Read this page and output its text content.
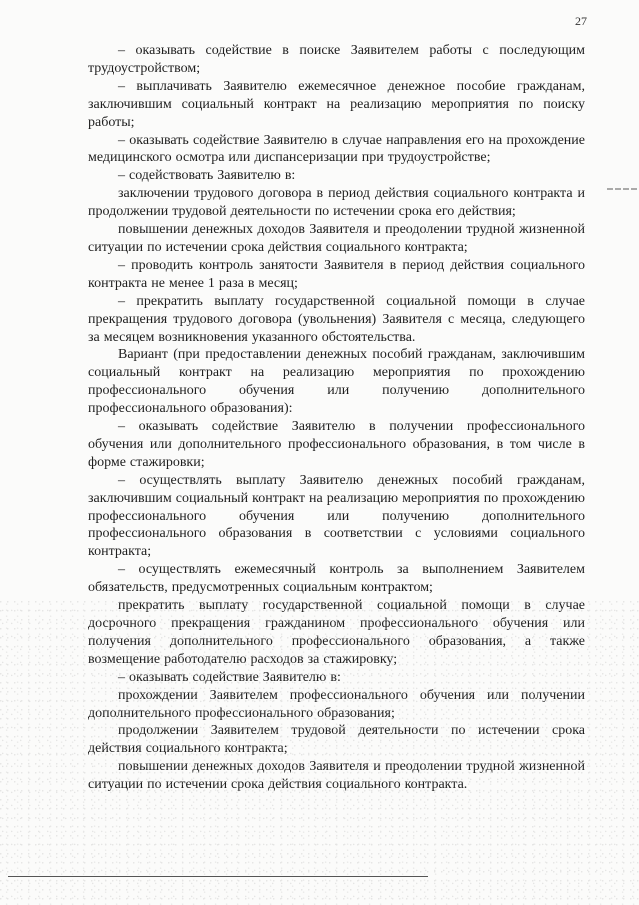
27

– оказывать содействие в поиске Заявителем работы с последующим трудоустройством;

– выплачивать Заявителю ежемесячное денежное пособие гражданам, заключившим социальный контракт на реализацию мероприятия по поиску работы;

– оказывать содействие Заявителю в случае направления его на прохождение медицинского осмотра или диспансеризации при трудоустройстве;

– содействовать Заявителю в:

заключении трудового договора в период действия социального контракта и продолжении трудовой деятельности по истечении срока его действия;

повышении денежных доходов Заявителя и преодолении трудной жизненной ситуации по истечении срока действия социального контракта;

– проводить контроль занятости Заявителя в период действия социального контракта не менее 1 раза в месяц;

– прекратить выплату государственной социальной помощи в случае прекращения трудового договора (увольнения) Заявителя с месяца, следующего за месяцем возникновения указанного обстоятельства.

Вариант (при предоставлении денежных пособий гражданам, заключившим социальный контракт на реализацию мероприятия по прохождению профессионального обучения или получению дополнительного профессионального образования):

– оказывать содействие Заявителю в получении профессионального обучения или дополнительного профессионального образования, в том числе в форме стажировки;

– осуществлять выплату Заявителю денежных пособий гражданам, заключившим социальный контракт на реализацию мероприятия по прохождению профессионального обучения или получению дополнительного профессионального образования в соответствии с условиями социального контракта;

– осуществлять ежемесячный контроль за выполнением Заявителем обязательств, предусмотренных социальным контрактом;

прекратить выплату государственной социальной помощи в случае досрочного прекращения гражданином профессионального обучения или получения дополнительного профессионального образования, а также возмещение работодателю расходов за стажировку;

– оказывать содействие Заявителю в:

прохождении Заявителем профессионального обучения или получении дополнительного профессионального образования;

продолжении Заявителем трудовой деятельности по истечении срока действия социального контракта;

повышении денежных доходов Заявителя и преодолении трудной жизненной ситуации по истечении срока действия социального контракта.
